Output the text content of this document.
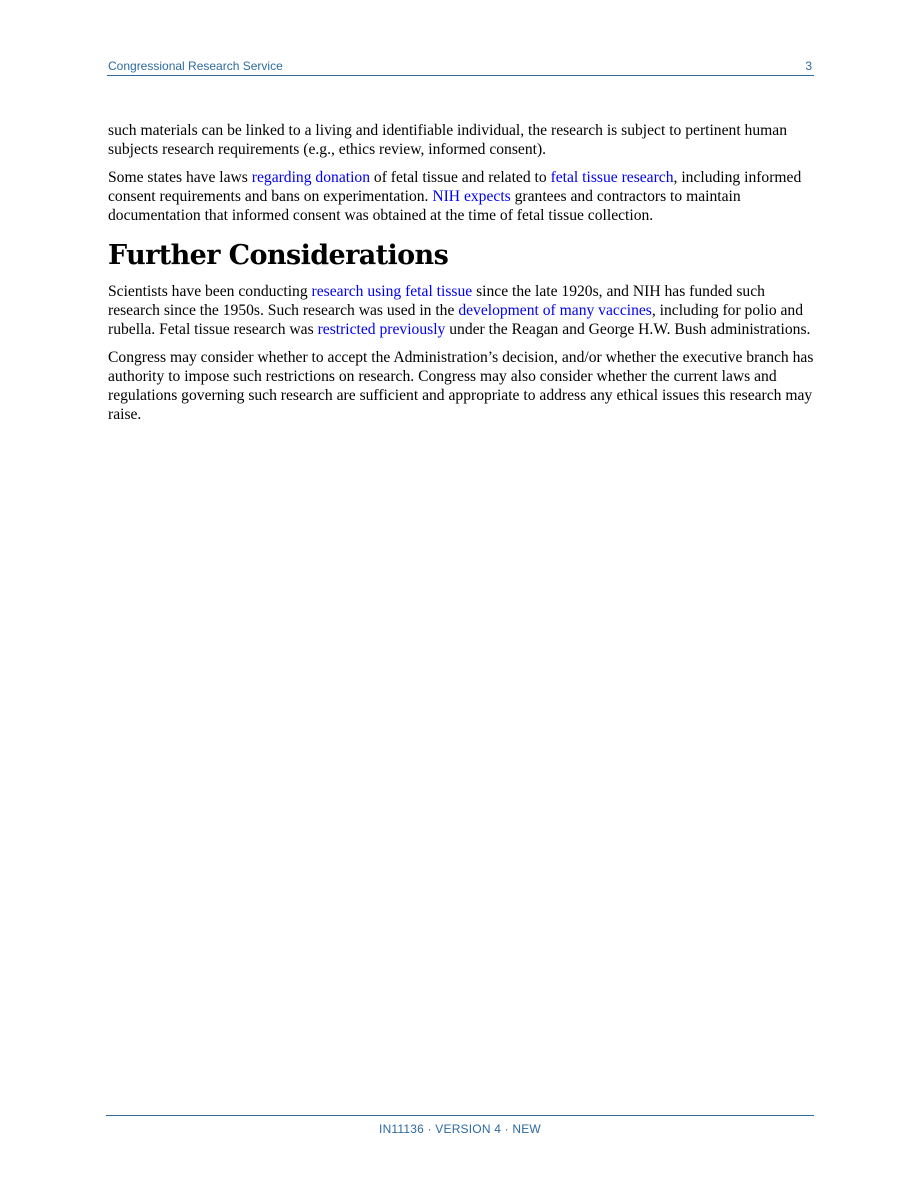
Congressional Research Service	3

such materials can be linked to a living and identifiable individual, the research is subject to pertinent human subjects research requirements (e.g., ethics review, informed consent).

Some states have laws regarding donation of fetal tissue and related to fetal tissue research, including informed consent requirements and bans on experimentation. NIH expects grantees and contractors to maintain documentation that informed consent was obtained at the time of fetal tissue collection.

Further Considerations

Scientists have been conducting research using fetal tissue since the late 1920s, and NIH has funded such research since the 1950s. Such research was used in the development of many vaccines, including for polio and rubella. Fetal tissue research was restricted previously under the Reagan and George H.W. Bush administrations.

Congress may consider whether to accept the Administration’s decision, and/or whether the executive branch has authority to impose such restrictions on research. Congress may also consider whether the current laws and regulations governing such research are sufficient and appropriate to address any ethical issues this research may raise.

IN11136 · VERSION 4 · NEW
